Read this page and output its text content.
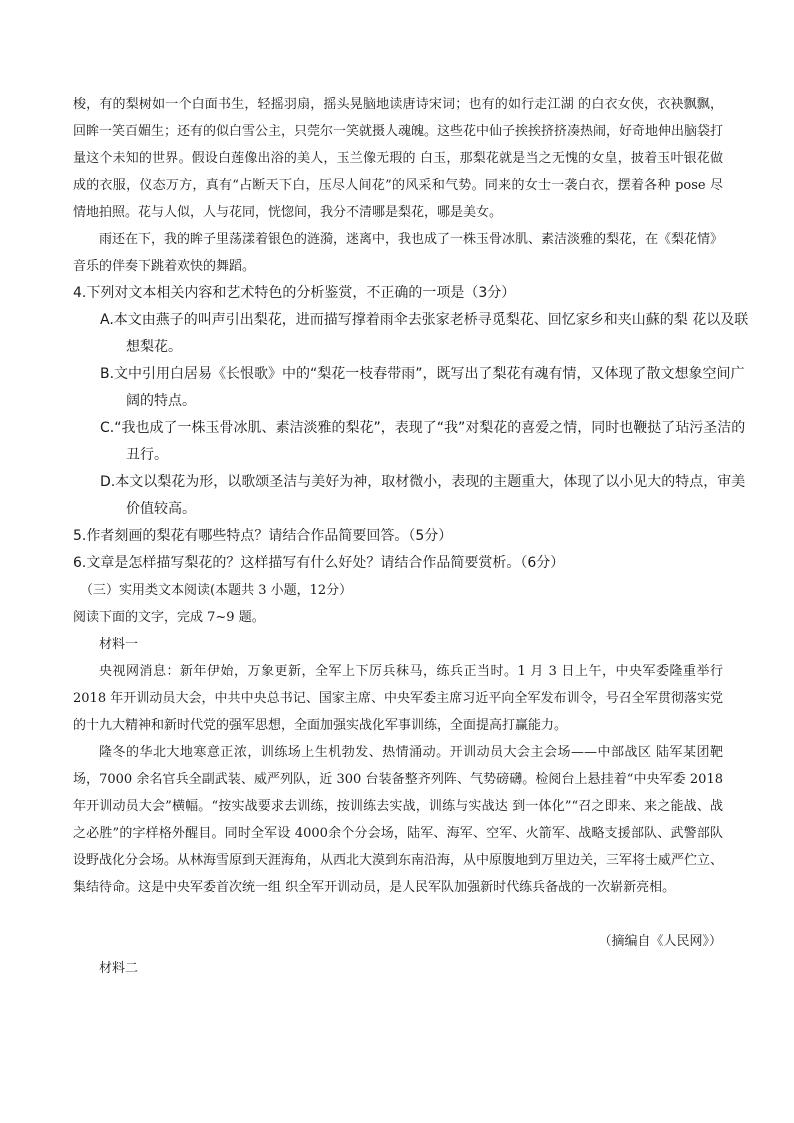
梭，有的梨树如一个白面书生，轻摇羽扇，摇头晃脑地读唐诗宋词；也有的如行走江湖 的白衣女侠，衣袂飘飘，回眸一笑百媚生；还有的似白雪公主，只莞尔一笑就摄人魂魄。这些花中仙子挨挨挤挤凑热闹，好奇地伸出脑袋打量这个未知的世界。假设白莲像出浴的美人，玉兰像无瑕的 白玉，那梨花就是当之无愧的女皇，披着玉叶银花做成的衣服，仪态万方，真有“占断天下白，压尽人间花”的风采和气势。同来的女士一袭白衣，摆着各种 pose 尽情地拍照。花与人似，人与花同，恍惚间，我分不清哪是梨花，哪是美女。

雨还在下，我的眸子里荡漾着银色的涟漪，迷离中，我也成了一株玉骨冰肌、素洁淡雅的梨花，在《梨花情》音乐的伴奏下跳着欢快的舞蹈。

4.下列对文本相关内容和艺术特色的分析鉴赏，不正确的一项是（3分）

A.本文由燕子的叫声引出梨花，进而描写撑着雨伞去张家老桥寻觅梨花、回忆家乡和夹山蘇的梨 花以及联想梨花。

B.文中引用白居易《长恨歌》中的“梨花一枝春带雨”，既写出了梨花有魂有情，又体现了散文想象空间广阔的特点。

C.“我也成了一株玉骨冰肌、素洁淡雅的梨花”，表现了“我”对梨花的喜爱之情，同时也鞭挞了玷污圣洁的丑行。

D.本文以梨花为形，以歌颂圣洁与美好为神，取材微小，表现的主题重大，体现了以小见大的特点，审美价值较高。

5.作者刻画的梨花有哪些特点？请结合作品简要回答。（5分）

6.文章是怎样描写梨花的？这样描写有什么好处？请结合作品简要赏析。（6分）

（三）实用类文本阅读(本题共 3 小题，12分）

阅读下面的文字，完成 7~9 题。

材料一

央视网消息：新年伊始，万象更新，全军上下厉兵秣马，练兵正当时。1 月 3 日上午，中央军委隆重举行 2018 年开训动员大会，中共中央总书记、国家主席、中央军委主席习近平向全军发布训令，号召全军贯彻落实党的十九大精神和新时代党的强军思想，全面加强实战化军事训练，全面提高打赢能力。

隆冬的华北大地寒意正浓，训练场上生机勃发、热情涌动。开训动员大会主会场——中部战区 陆军某团靶场，7000 余名官兵全副武装、威严列队，近 300 台装备整齐列阵、气势磅礴。检阅台上悬挂着“中央军委 2018 年开训动员大会”横幅。“按实战要求去训练，按训练去实战，训练与实战达 到一体化”“召之即来、来之能战、战之必胜”的字样格外醒目。同时全军设 4000余个分会场，陆军、海军、空军、火箭军、战略支援部队、武警部队设野战化分会场。从林海雪原到天涯海角，从西北大漠到东南沿海，从中原腹地到万里边关，三军将士威严伫立、集结待命。这是中央军委首次统一组 织全军开训动员，是人民军队加强新时代练兵备战的一次崭新亮相。

（摘编自《人民网》）

材料二
